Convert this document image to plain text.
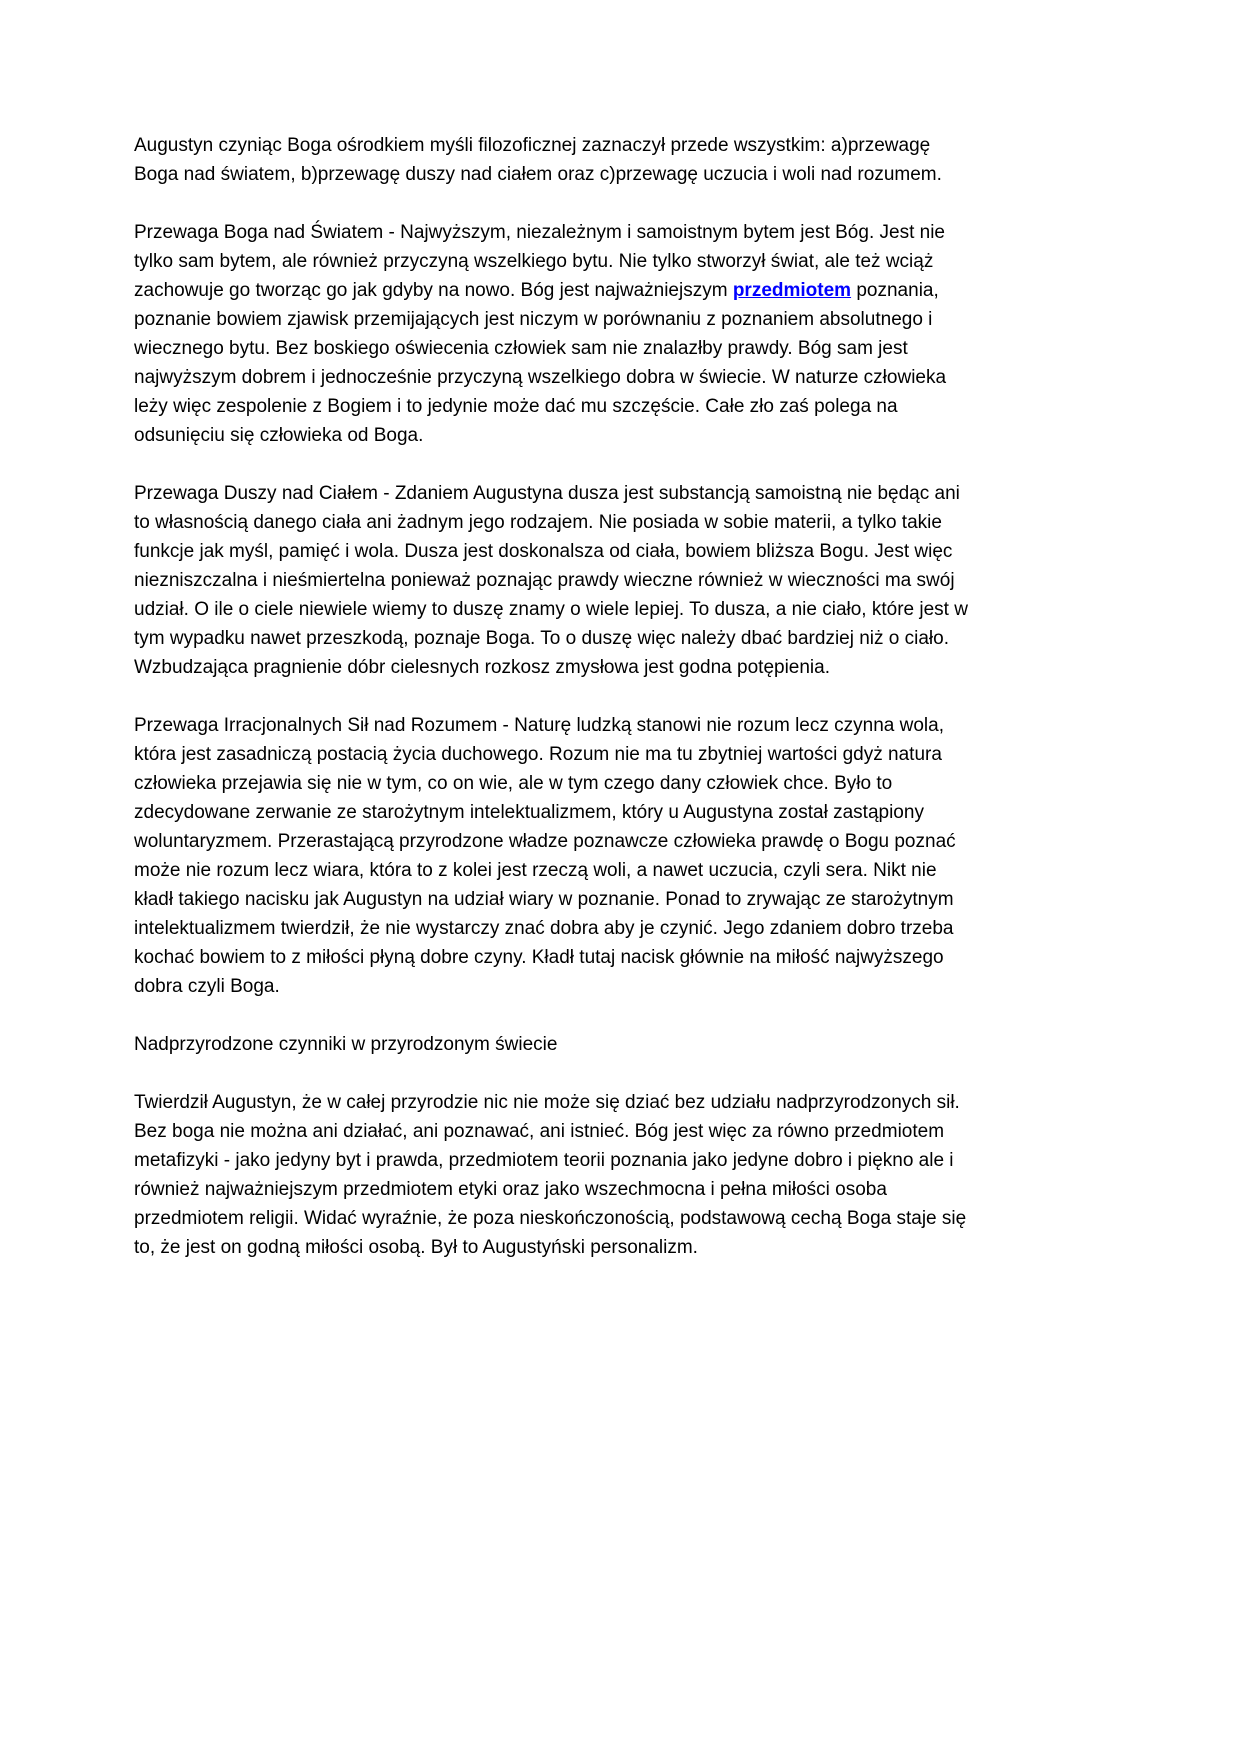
Augustyn czyniąc Boga ośrodkiem myśli filozoficznej zaznaczył przede wszystkim: a)przewagę Boga nad światem, b)przewagę duszy nad ciałem oraz c)przewagę uczucia i woli nad rozumem.

Przewaga Boga nad Światem - Najwyższym, niezależnym i samoistnym bytem jest Bóg. Jest nie tylko sam bytem, ale również przyczyną wszelkiego bytu. Nie tylko stworzył świat, ale też wciąż zachowuje go tworząc go jak gdyby na nowo. Bóg jest najważniejszym przedmiotem poznania, poznanie bowiem zjawisk przemijających jest niczym w porównaniu z poznaniem absolutnego i wiecznego bytu. Bez boskiego oświecenia człowiek sam nie znalazłby prawdy. Bóg sam jest najwyższym dobrem i jednocześnie przyczyną wszelkiego dobra w świecie. W naturze człowieka leży więc zespolenie z Bogiem i to jedynie może dać mu szczęście. Całe zło zaś polega na odsunięciu się człowieka od Boga.

Przewaga Duszy nad Ciałem - Zdaniem Augustyna dusza jest substancją samoistną nie będąc ani to własnością danego ciała ani żadnym jego rodzajem. Nie posiada w sobie materii, a tylko takie funkcje jak myśl, pamięć i wola. Dusza jest doskonalsza od ciała, bowiem bliższa Bogu. Jest więc niezniszczalna i nieśmiertelna ponieważ poznając prawdy wieczne również w wieczności ma swój udział. O ile o ciele niewiele wiemy to duszę znamy o wiele lepiej. To dusza, a nie ciało, które jest w tym wypadku nawet przeszkodą, poznaje Boga. To o duszę więc należy dbać bardziej niż o ciało. Wzbudzająca pragnienie dóbr cielesnych rozkosz zmysłowa jest godna potępienia.

Przewaga Irracjonalnych Sił nad Rozumem - Naturę ludzką stanowi nie rozum lecz czynna wola, która jest zasadniczą postacią życia duchowego. Rozum nie ma tu zbytniej wartości gdyż natura człowieka przejawia się nie w tym, co on wie, ale w tym czego dany człowiek chce. Było to zdecydowane zerwanie ze starożytnym intelektualizmem, który u Augustyna został zastąpiony woluntaryzmem. Przerastającą przyrodzone władze poznawcze człowieka prawdę o Bogu poznać może nie rozum lecz wiara, która to z kolei jest rzeczą woli, a nawet uczucia, czyli sera. Nikt nie kładł takiego nacisku jak Augustyn na udział wiary w poznanie. Ponad to zrywając ze starożytnym intelektualizmem twierdził, że nie wystarczy znać dobra aby je czynić. Jego zdaniem dobro trzeba kochać bowiem to z miłości płyną dobre czyny. Kładł tutaj nacisk głównie na miłość najwyższego dobra czyli Boga.

Nadprzyrodzone czynniki w przyrodzonym świecie

Twierdził Augustyn, że w całej przyrodzie nic nie może się dziać bez udziału nadprzyrodzonych sił. Bez boga nie można ani działać, ani poznawać, ani istnieć. Bóg jest więc za równo przedmiotem metafizyki - jako jedyny byt i prawda, przedmiotem teorii poznania jako jedyne dobro i piękno ale i również najważniejszym przedmiotem etyki oraz jako wszechmocna i pełna miłości osoba przedmiotem religii. Widać wyraźnie, że poza nieskończonością, podstawową cechą Boga staje się to, że jest on godną miłości osobą. Był to Augustyński personalizm.
